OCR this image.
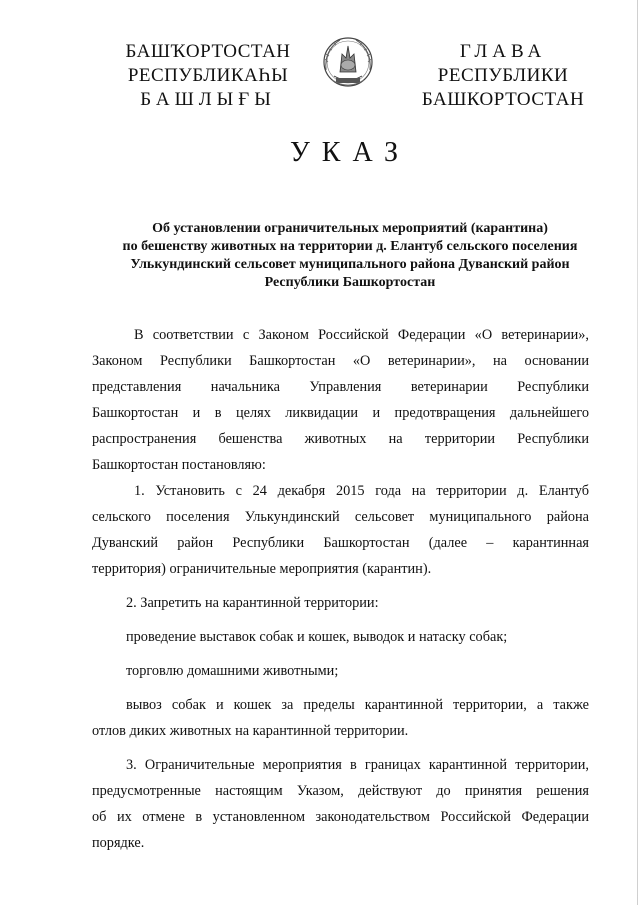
БАШҠОРТОСТАН
РЕСПУБЛИКАҺЫ
БАШЛЫҒЫ
ГЛАВА
РЕСПУБЛИКИ
БАШКОРТОСТАН
УКАЗ
Об установлении ограничительных мероприятий (карантина)
по бешенству животных на территории д. Елантуб сельского поселения
Улькундинский сельсовет муниципального района Дуванский район
Республики Башкортостан
В соответствии с Законом Российской Федерации «О ветеринарии»,
Законом Республики Башкортостан «О ветеринарии», на основании
представления начальника Управления ветеринарии Республики
Башкортостан и в целях ликвидации и предотвращения дальнейшего
распространения бешенства животных на территории Республики
Башкортостан постановляю:
1. Установить с 24 декабря 2015 года на территории д. Елантуб
сельского поселения Улькундинский сельсовет муниципального района
Дуванский район Республики Башкортостан (далее – карантинная
территория) ограничительные мероприятия (карантин).
2. Запретить на карантинной территории:
проведение выставок собак и кошек, выводок и натаску собак;
торговлю домашними животными;
вывоз собак и кошек за пределы карантинной территории, а также
отлов диких животных на карантинной территории.
3. Ограничительные мероприятия в границах карантинной территории,
предусмотренные настоящим Указом, действуют до принятия решения
об их отмене в установленном законодательством Российской Федерации
порядке.
